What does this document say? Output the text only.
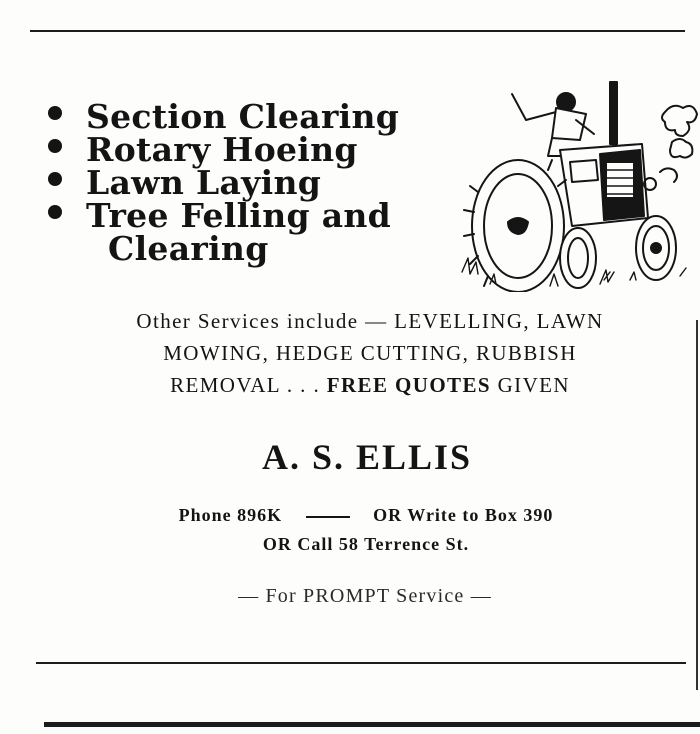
Section Clearing
Rotary Hoeing
Lawn Laying
Tree Felling and
Clearing
Other Services include — LEVELLING, LAWN
MOWING, HEDGE CUTTING, RUBBISH
REMOVAL . . . FREE QUOTES GIVEN
A. S. ELLIS
Phone 896K	OR Write to Box 390
OR Call 58 Terrence St.
— For PROMPT Service —
